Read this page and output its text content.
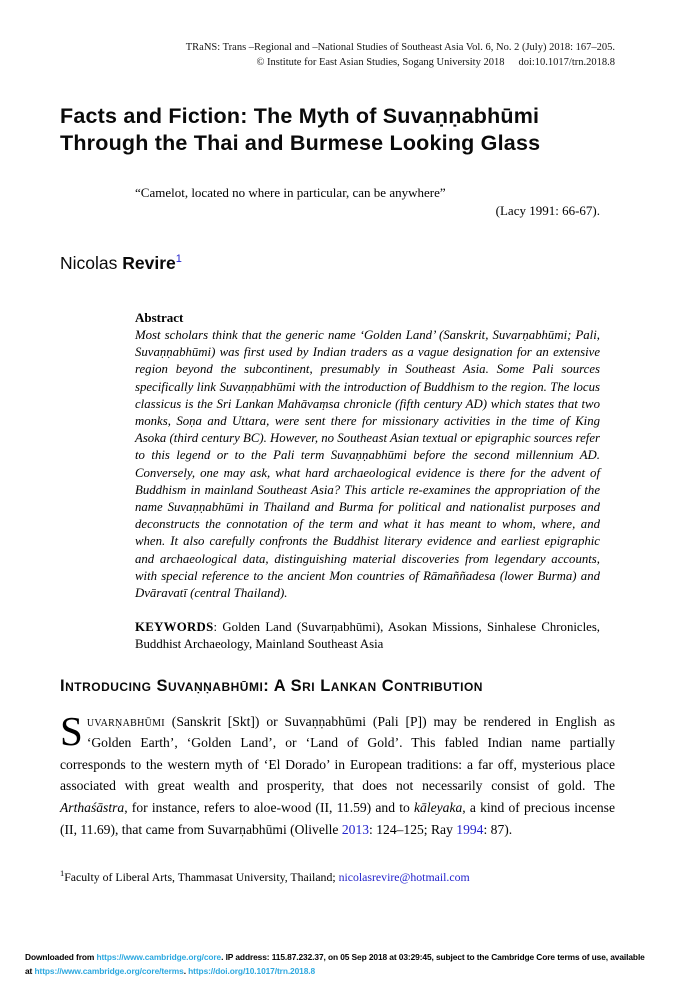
TRaNS: Trans –Regional and –National Studies of Southeast Asia Vol. 6, No. 2 (July) 2018: 167–205.
© Institute for East Asian Studies, Sogang University 2018 doi:10.1017/trn.2018.8
Facts and Fiction: The Myth of Suvaṇṇabhūmi Through the Thai and Burmese Looking Glass
“Camelot, located no where in particular, can be anywhere”
(Lacy 1991: 66-67).
Nicolas Revire$^1$
Abstract
Most scholars think that the generic name ‘Golden Land’ (Sanskrit, Suvarṇabhūmi; Pali, Suvaṇṇabhūmi) was first used by Indian traders as a vague designation for an extensive region beyond the subcontinent, presumably in Southeast Asia. Some Pali sources specifically link Suvaṇṇabhūmi with the introduction of Buddhism to the region. The locus classicus is the Sri Lankan Mahāvaṃsa chronicle (fifth century AD) which states that two monks, Soṇa and Uttara, were sent there for missionary activities in the time of King Asoka (third century BC). However, no Southeast Asian textual or epigraphic sources refer to this legend or to the Pali term Suvaṇṇabhūmi before the second millennium AD. Conversely, one may ask, what hard archaeological evidence is there for the advent of Buddhism in mainland Southeast Asia? This article re-examines the appropriation of the name Suvaṇṇabhūmi in Thailand and Burma for political and nationalist purposes and deconstructs the connotation of the term and what it has meant to whom, where, and when. It also carefully confronts the Buddhist literary evidence and earliest epigraphic and archaeological data, distinguishing material discoveries from legendary accounts, with special reference to the ancient Mon countries of Rāmaññadesa (lower Burma) and Dvāravatī (central Thailand).
KEYWORDS: Golden Land (Suvarṇabhūmi), Asokan Missions, Sinhalese Chronicles, Buddhist Archaeology, Mainland Southeast Asia
Introducing Suvaṇṇabhūmi: A Sri Lankan Contribution

Suvarṇabhūmi (Sanskrit [Skt]) or Suvaṇṇabhūmi (Pali [P]) may be rendered in English as ‘Golden Earth’, ‘Golden Land’, or ‘Land of Gold’. This fabled Indian name partially corresponds to the western myth of ‘El Dorado’ in European traditions: a far off, mysterious place associated with great wealth and prosperity, that does not necessarily consist of gold. The Arthaśāstra, for instance, refers to aloe-wood (II, 11.59) and to kāleyaka, a kind of precious incense (II, 11.69), that came from Suvarṇabhūmi (Olivelle 2013: 124–125; Ray 1994: 87).

$^1$Faculty of Liberal Arts, Thammasat University, Thailand; nicolasrevire@hotmail.com
Downloaded from https://www.cambridge.org/core. IP address: 115.87.232.37, on 05 Sep 2018 at 03:29:45, subject to the Cambridge Core terms of use, available at https://www.cambridge.org/core/terms. https://doi.org/10.1017/trn.2018.8
